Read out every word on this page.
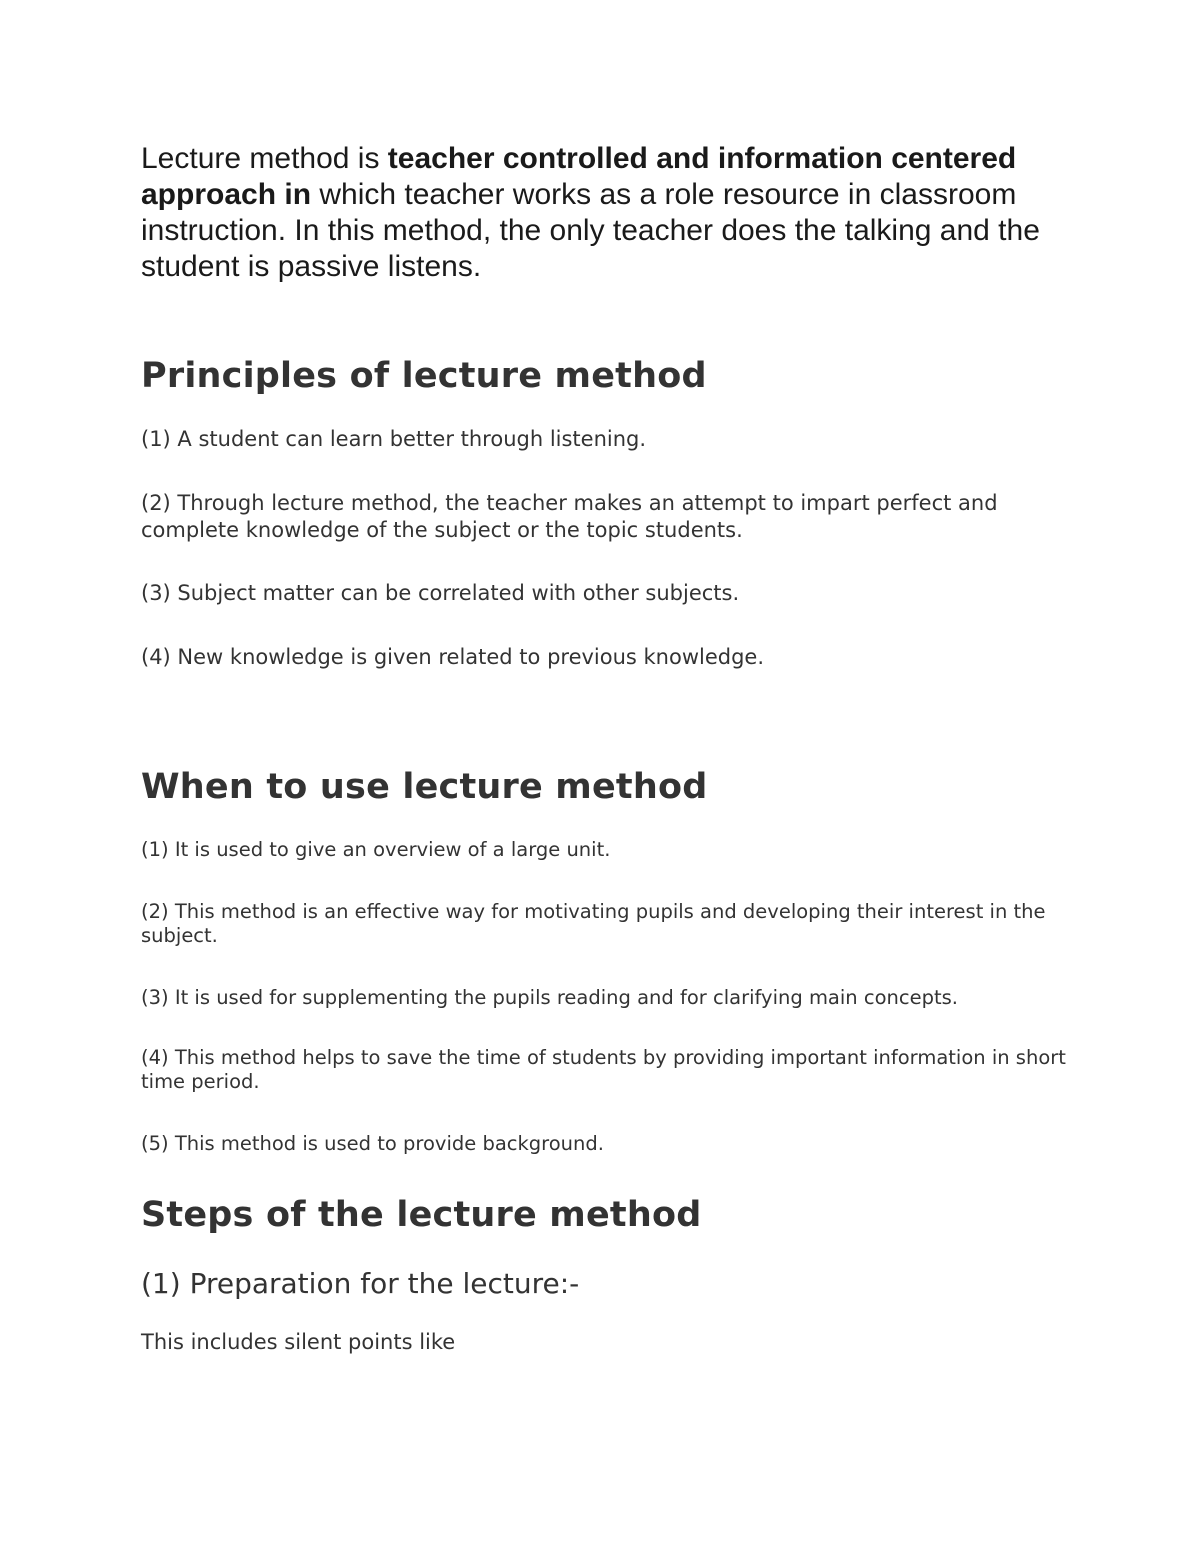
Lecture method is teacher controlled and information centered approach in which teacher works as a role resource in classroom instruction. In this method, the only teacher does the talking and the student is passive listens.

Principles of lecture method

(1) A student can learn better through listening.

(2) Through lecture method, the teacher makes an attempt to impart perfect and complete knowledge of the subject or the topic students.

(3) Subject matter can be correlated with other subjects.

(4) New knowledge is given related to previous knowledge.

When to use lecture method

(1) It is used to give an overview of a large unit.

(2) This method is an effective way for motivating pupils and developing their interest in the subject.

(3) It is used for supplementing the pupils reading and for clarifying main concepts.

(4) This method helps to save the time of students by providing important information in short time period.

(5) This method is used to provide background.

Steps of the lecture method
(1) Preparation for the lecture:-

This includes silent points like
